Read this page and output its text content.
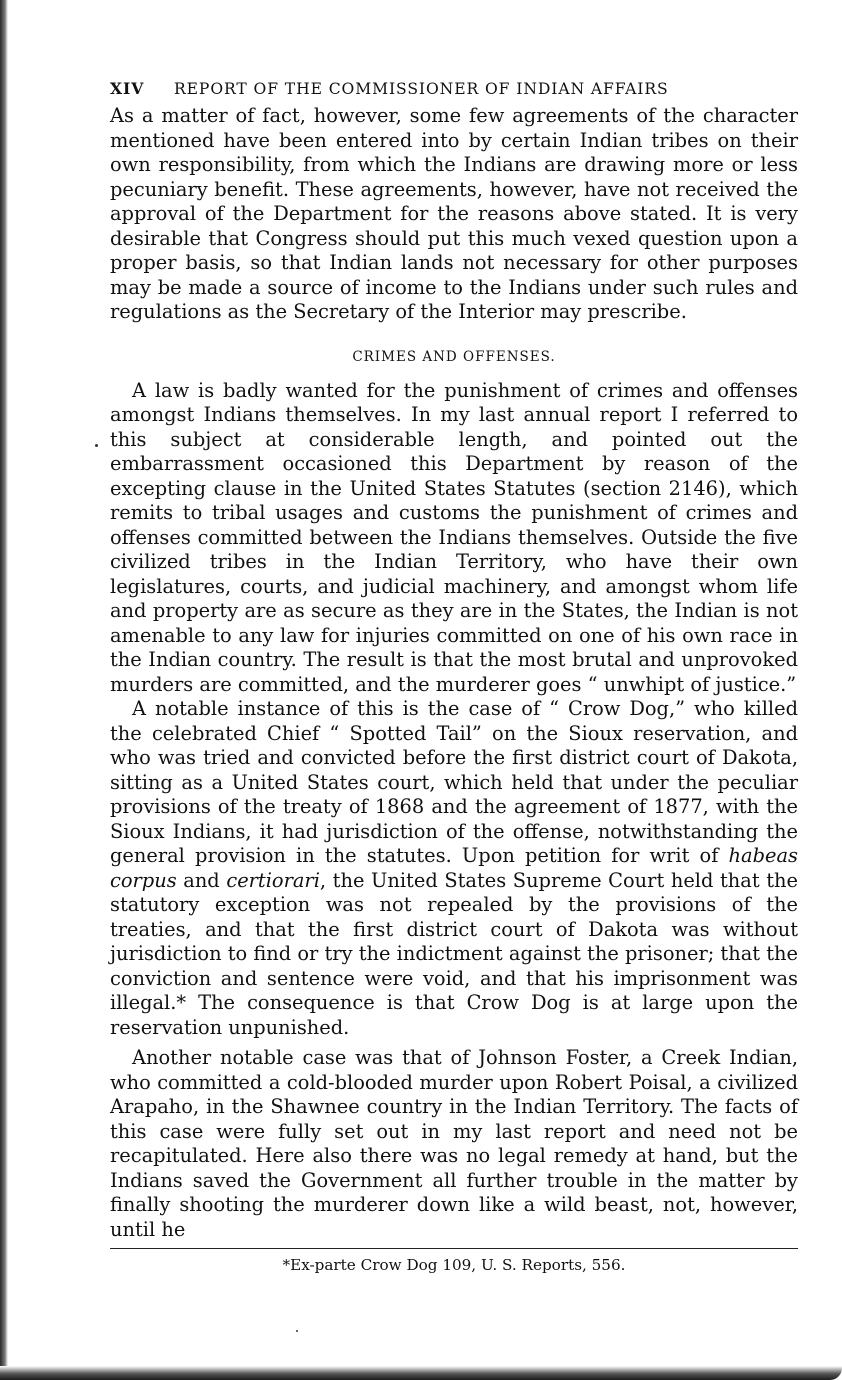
XIV	REPORT OF THE COMMISSIONER OF INDIAN AFFAIRS

As a matter of fact, however, some few agreements of the character mentioned have been entered into by certain Indian tribes on their own responsibility, from which the Indians are drawing more or less pecuniary benefit. These agreements, however, have not received the approval of the Department for the reasons above stated. It is very desirable that Congress should put this much vexed question upon a proper basis, so that Indian lands not necessary for other purposes may be made a source of income to the Indians under such rules and regulations as the Secretary of the Interior may prescribe.

CRIMES AND OFFENSES.

A law is badly wanted for the punishment of crimes and offenses amongst Indians themselves. In my last annual report I referred to this subject at considerable length, and pointed out the embarrassment occasioned this Department by reason of the excepting clause in the United States Statutes (section 2146), which remits to tribal usages and customs the punishment of crimes and offenses committed between the Indians themselves. Outside the five civilized tribes in the Indian Territory, who have their own legislatures, courts, and judicial machinery, and amongst whom life and property are as secure as they are in the States, the Indian is not amenable to any law for injuries committed on one of his own race in the Indian country. The result is that the most brutal and unprovoked murders are committed, and the murderer goes “ unwhipt of justice.”

A notable instance of this is the case of “ Crow Dog,” who killed the celebrated Chief “ Spotted Tail” on the Sioux reservation, and who was tried and convicted before the first district court of Dakota, sitting as a United States court, which held that under the peculiar provisions of the treaty of 1868 and the agreement of 1877, with the Sioux Indians, it had jurisdiction of the offense, notwithstanding the general provision in the statutes. Upon petition for writ of habeas corpus and certiorari, the United States Supreme Court held that the statutory exception was not repealed by the provisions of the treaties, and that the first district court of Dakota was without jurisdiction to find or try the indictment against the prisoner; that the conviction and sentence were void, and that his imprisonment was illegal.* The consequence is that Crow Dog is at large upon the reservation unpunished.

Another notable case was that of Johnson Foster, a Creek Indian, who committed a cold-blooded murder upon Robert Poisal, a civilized Arapaho, in the Shawnee country in the Indian Territory. The facts of this case were fully set out in my last report and need not be recapitulated. Here also there was no legal remedy at hand, but the Indians saved the Government all further trouble in the matter by finally shooting the murderer down like a wild beast, not, however, until he

*Ex-parte Crow Dog 109, U. S. Reports, 556.
